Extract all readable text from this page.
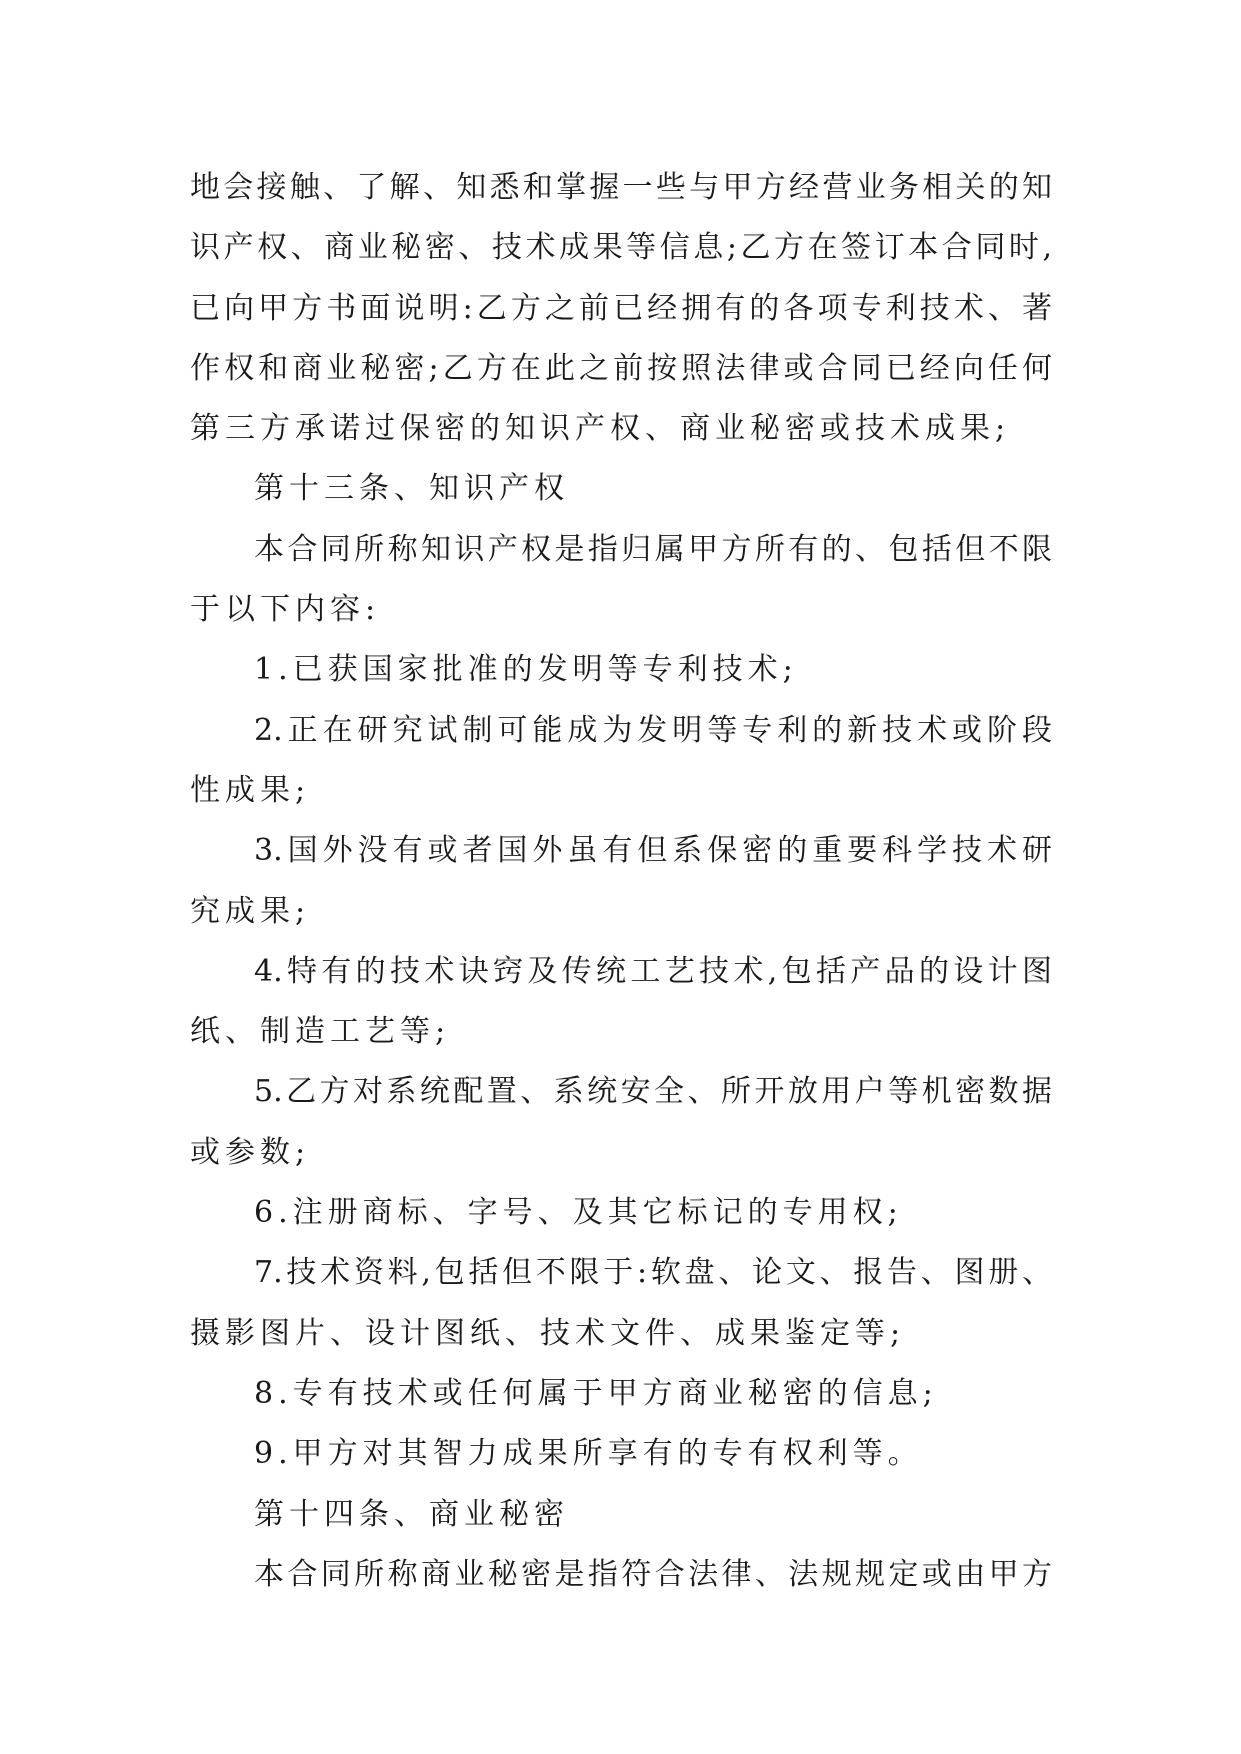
地会接触、了解、知悉和掌握一些与甲方经营业务相关的知
识产权、商业秘密、技术成果等信息;乙方在签订本合同时,
已向甲方书面说明:乙方之前已经拥有的各项专利技术、著
作权和商业秘密;乙方在此之前按照法律或合同已经向任何
第三方承诺过保密的知识产权、商业秘密或技术成果;
第十三条、知识产权
本合同所称知识产权是指归属甲方所有的、包括但不限
于以下内容:
1.已获国家批准的发明等专利技术;
2.正在研究试制可能成为发明等专利的新技术或阶段
性成果;
3.国外没有或者国外虽有但系保密的重要科学技术研
究成果;
4.特有的技术诀窍及传统工艺技术,包括产品的设计图
纸、制造工艺等;
5.乙方对系统配置、系统安全、所开放用户等机密数据
或参数;
6.注册商标、字号、及其它标记的专用权;
7.技术资料,包括但不限于:软盘、论文、报告、图册、
摄影图片、设计图纸、技术文件、成果鉴定等;
8.专有技术或任何属于甲方商业秘密的信息;
9.甲方对其智力成果所享有的专有权利等。
第十四条、商业秘密
本合同所称商业秘密是指符合法律、法规规定或由甲方
